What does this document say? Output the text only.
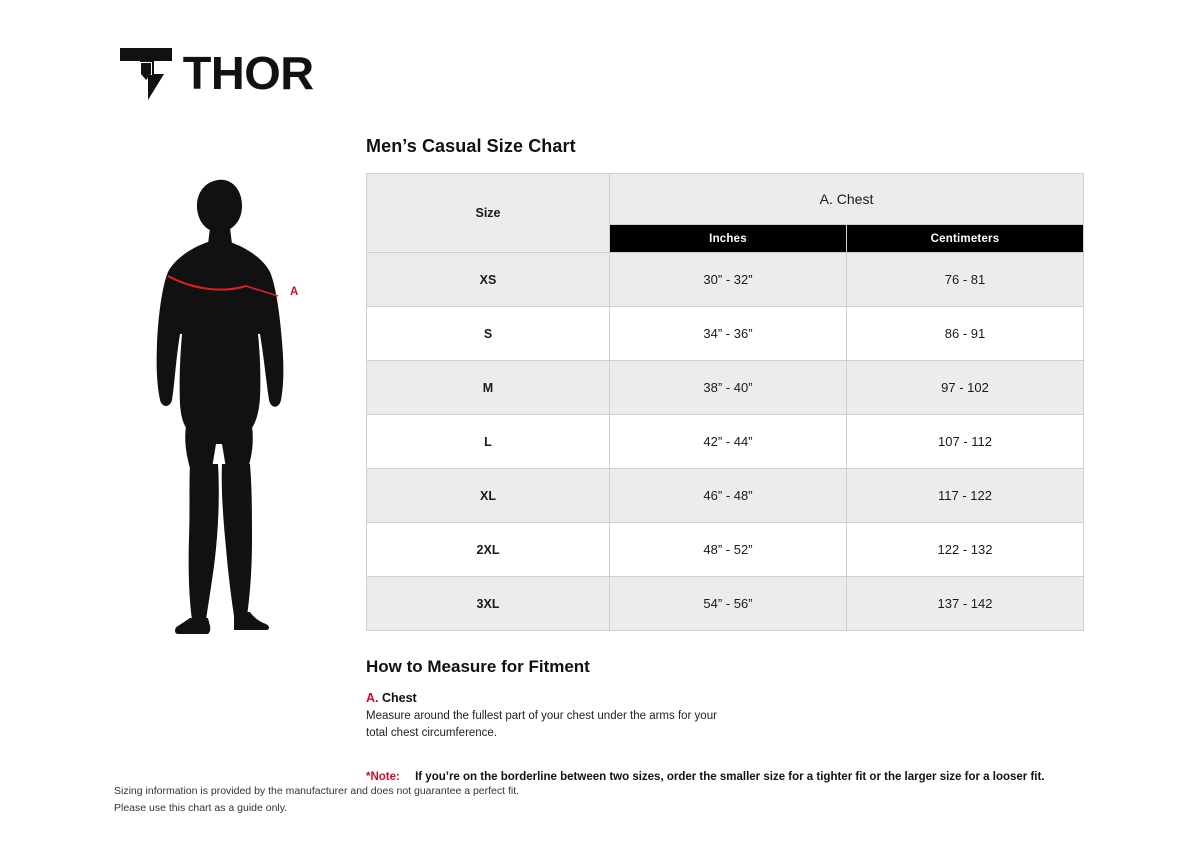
THOR
A
Men’s Casual Size Chart
Size	A. Chest	
	Inches	Centimeters
XS	30” - 32”	76 - 81
S	34” - 36”	86 - 91
M	38” - 40”	97 - 102
L	42” - 44”	107 - 112
XL	46” - 48”	117 - 122
2XL	48” - 52”	122 - 132
3XL	54” - 56”	137 - 142
How to Measure for Fitment
A. Chest
Measure around the fullest part of your chest under the arms for your
total chest circumference.
*Note: If you’re on the borderline between two sizes, order the smaller size for a tighter fit or the larger size for a looser fit.
Sizing information is provided by the manufacturer and does not guarantee a perfect fit.
Please use this chart as a guide only.
